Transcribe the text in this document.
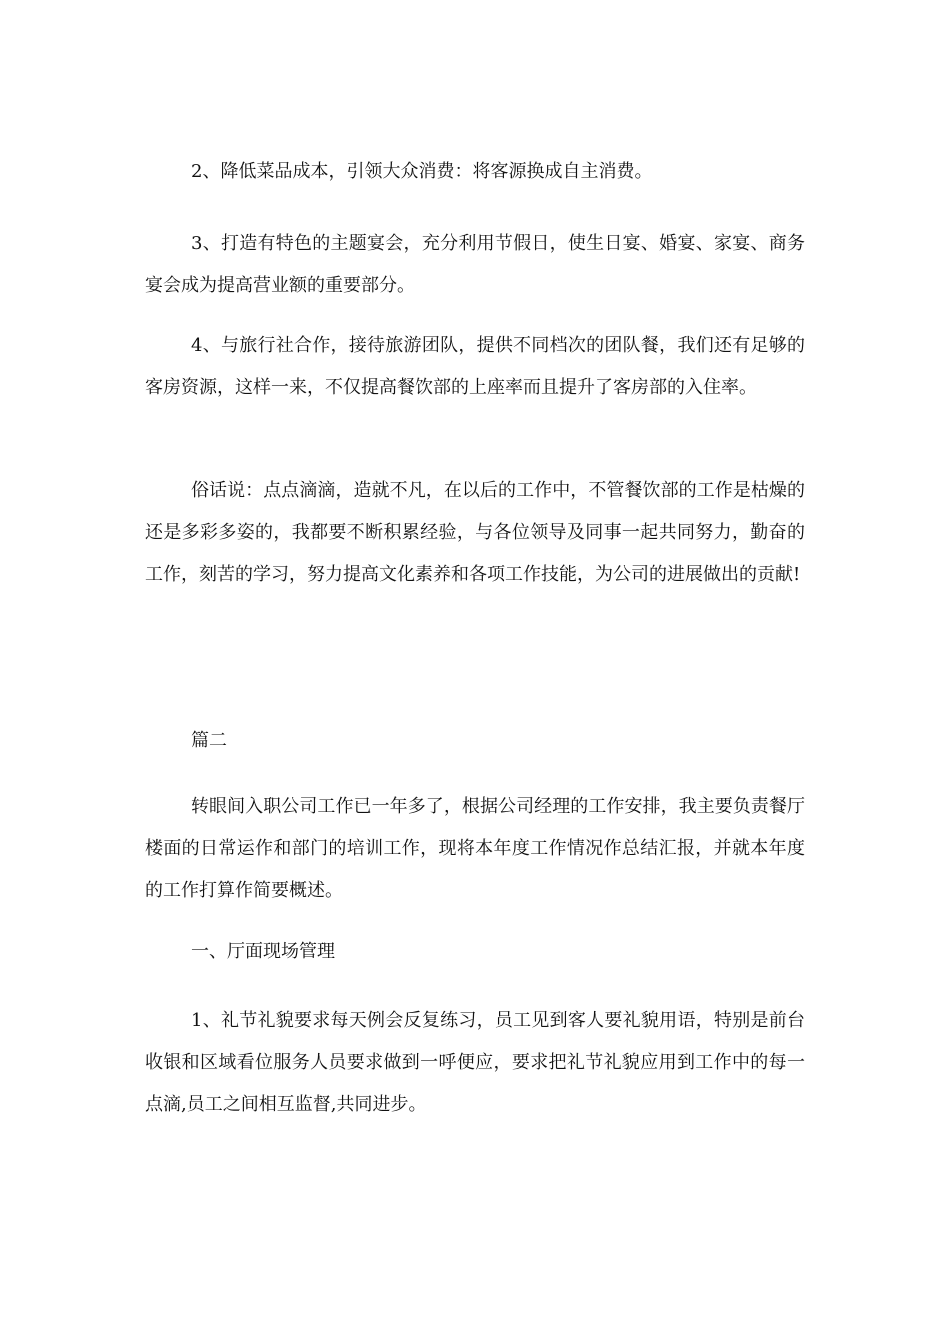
2、降低菜品成本，引领大众消费：将客源换成自主消费。

3、打造有特色的主题宴会，充分利用节假日，使生日宴、婚宴、家宴、商务宴会成为提高营业额的重要部分。

4、与旅行社合作，接待旅游团队，提供不同档次的团队餐，我们还有足够的客房资源，这样一来，不仅提高餐饮部的上座率而且提升了客房部的入住率。

俗话说：点点滴滴，造就不凡，在以后的工作中，不管餐饮部的工作是枯燥的还是多彩多姿的，我都要不断积累经验，与各位领导及同事一起共同努力，勤奋的工作，刻苦的学习，努力提高文化素养和各项工作技能，为公司的进展做出的贡献!

篇二

转眼间入职公司工作已一年多了，根据公司经理的工作安排，我主要负责餐厅楼面的日常运作和部门的培训工作，现将本年度工作情况作总结汇报，并就本年度的工作打算作简要概述。

一、厅面现场管理

1、礼节礼貌要求每天例会反复练习，员工见到客人要礼貌用语，特别是前台收银和区域看位服务人员要求做到一呼便应，要求把礼节礼貌应用到工作中的每一点滴,员工之间相互监督,共同进步。
